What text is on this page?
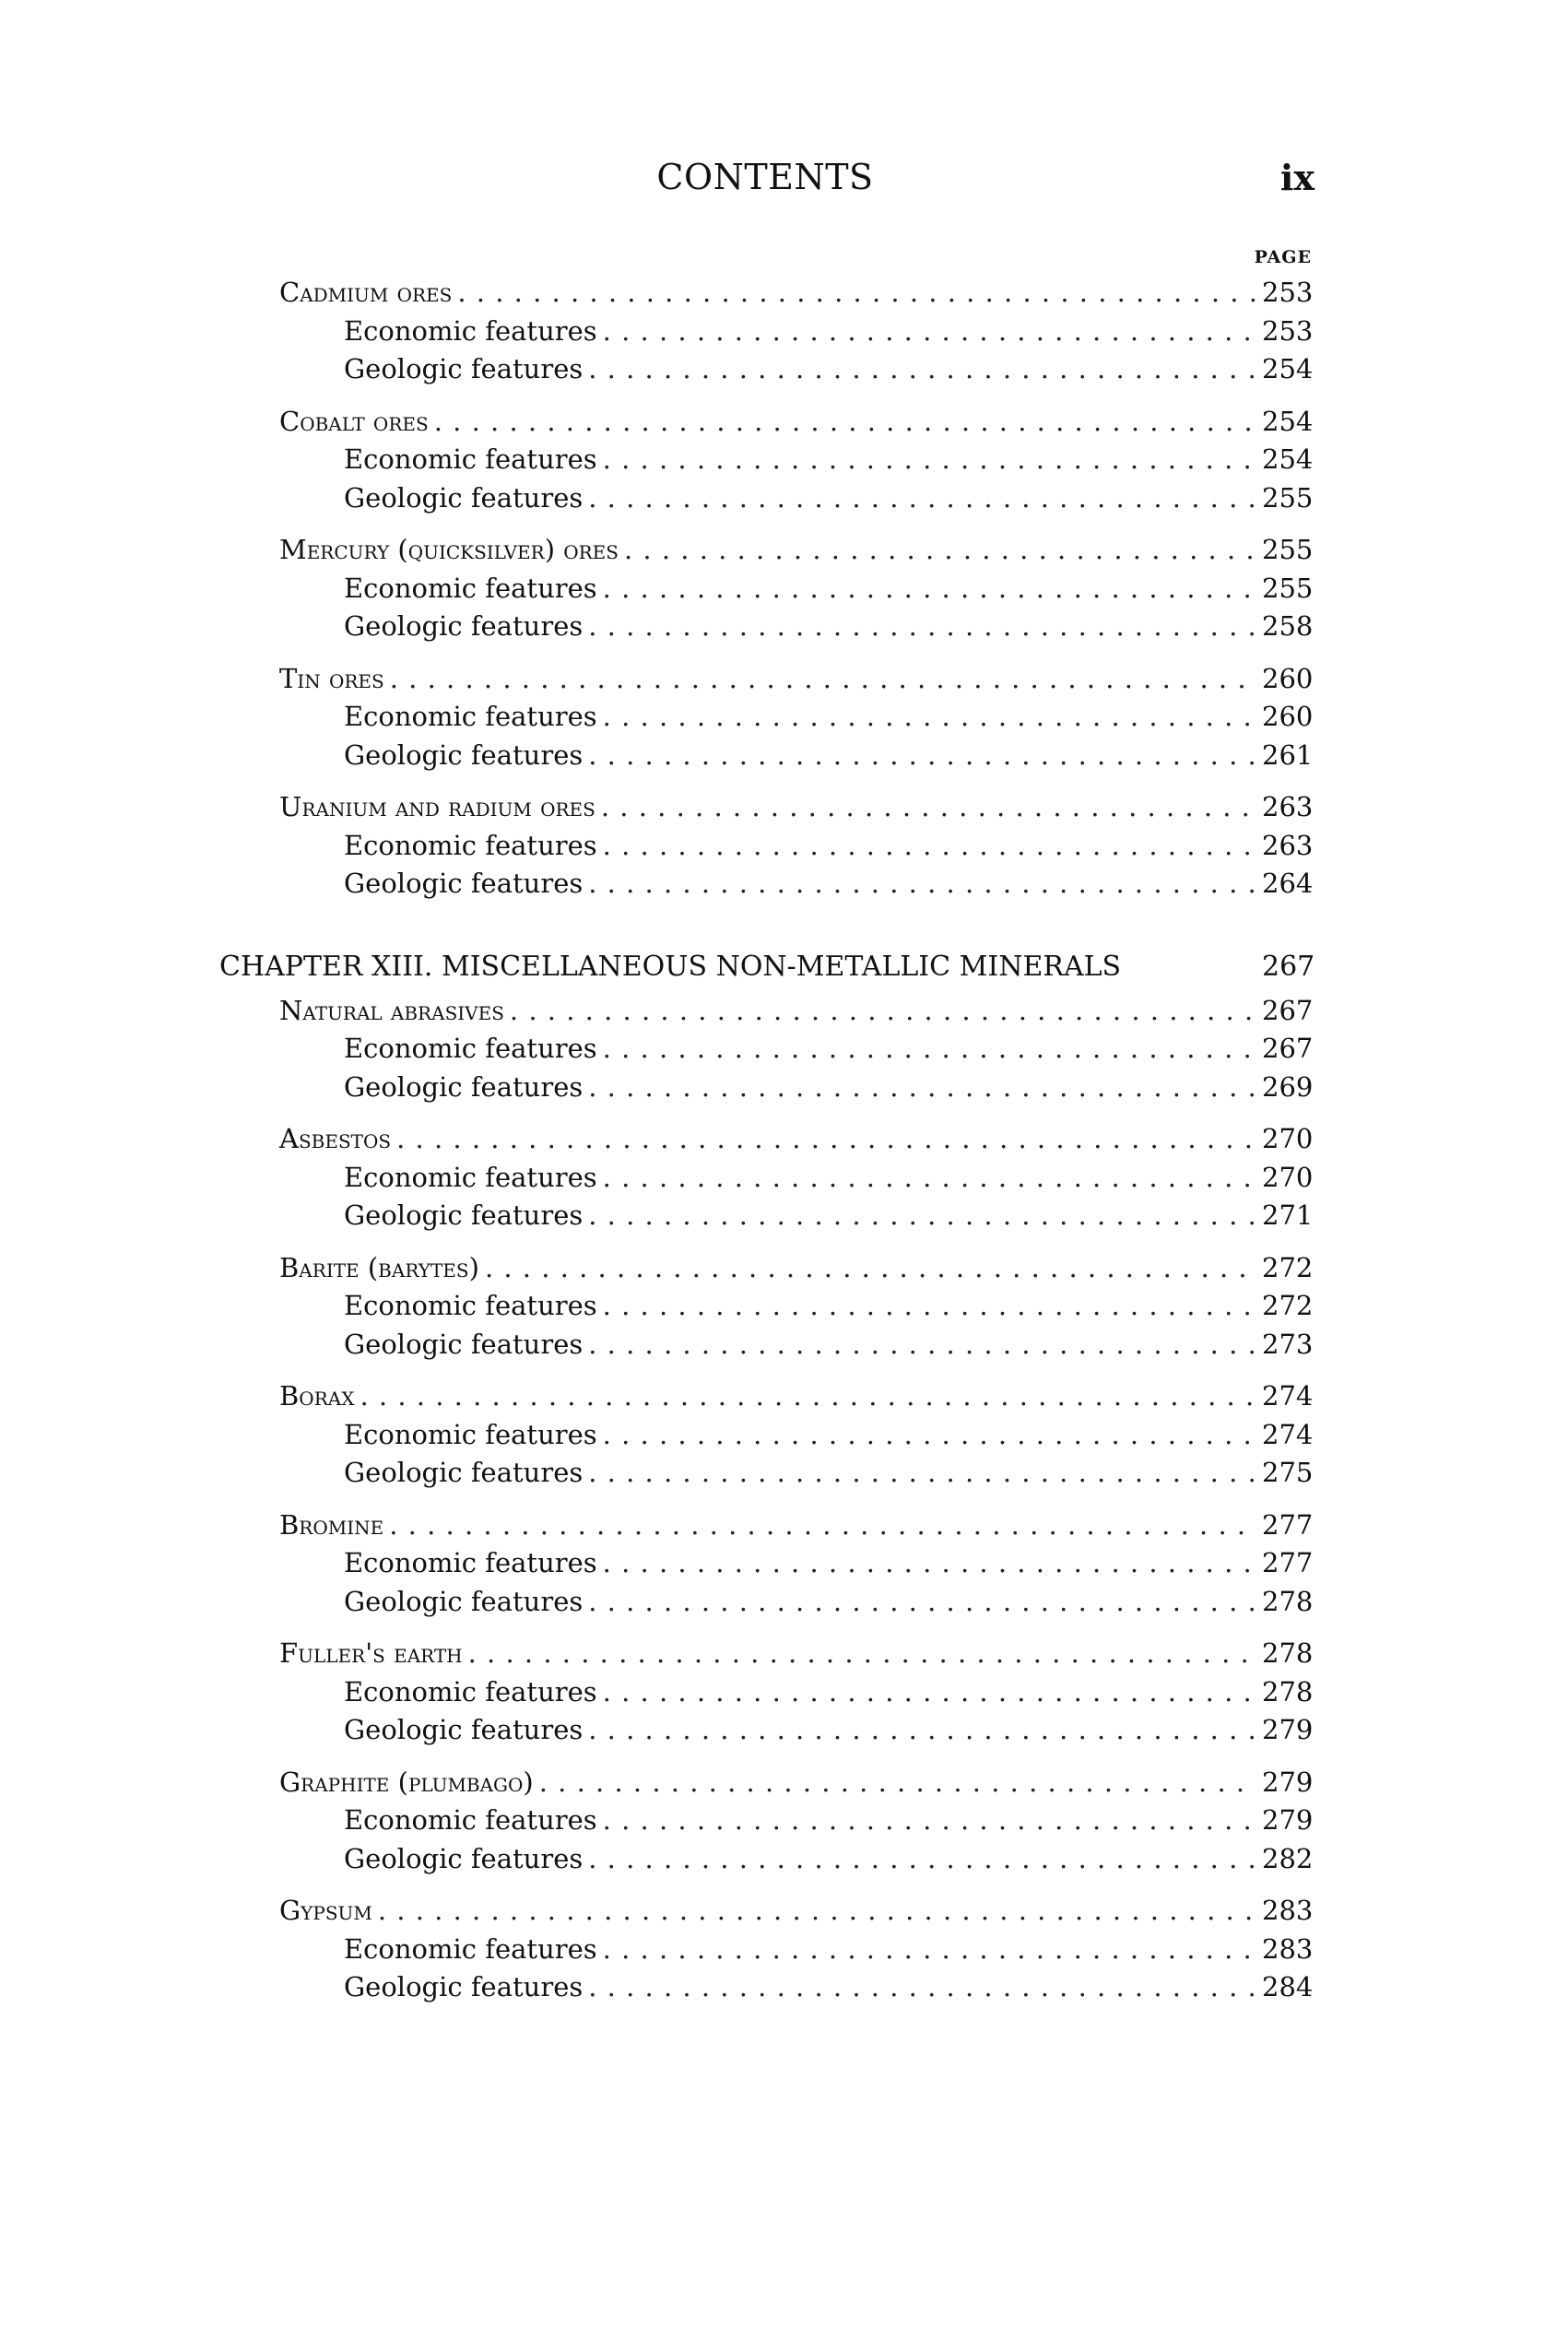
CONTENTS	ix
PAGE
Cadmium ores . . .	253
Economic features . . .	253
Geologic features . . .	254
Cobalt ores . . .	254
Economic features . . .	254
Geologic features . . .	255
Mercury (quicksilver) ores . . .	255
Economic features . . .	255
Geologic features . . .	258
Tin ores . . .	260
Economic features . . .	260
Geologic features . . .	261
Uranium and radium ores . . .	263
Economic features . . .	263
Geologic features . . .	264
CHAPTER XIII. MISCELLANEOUS NON-METALLIC MINERALS	267
Natural abrasives . . .	267
Economic features . . .	267
Geologic features . . .	269
Asbestos . . .	270
Economic features . . .	270
Geologic features . . .	271
Barite (barytes) . . .	272
Economic features . . .	272
Geologic features . . .	273
Borax . . .	274
Economic features . . .	274
Geologic features . . .	275
Bromine . . .	277
Economic features . . .	277
Geologic features . . .	278
Fuller's earth . . .	278
Economic features . . .	278
Geologic features . . .	279
Graphite (plumbago) . . .	279
Economic features . . .	279
Geologic features . . .	282
Gypsum . . .	283
Economic features . . .	283
Geologic features . . .	284
